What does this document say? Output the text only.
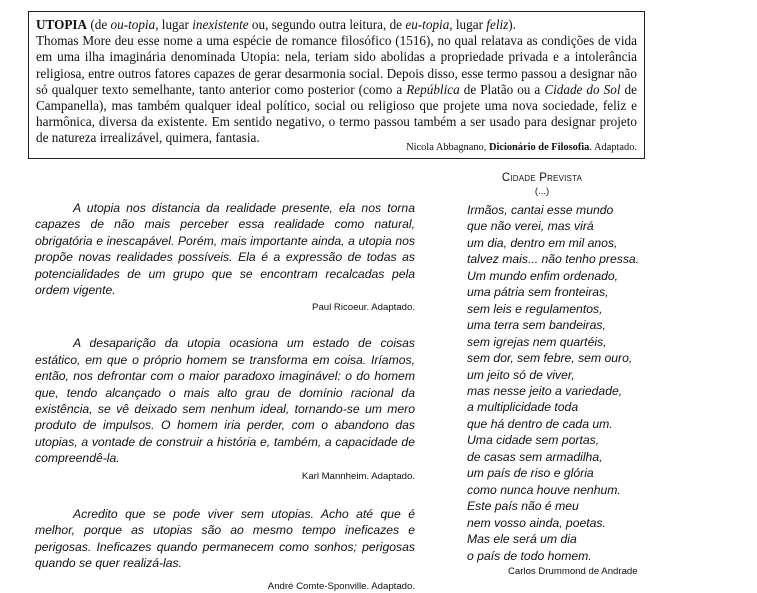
UTOPIA (de ou-topia, lugar inexistente ou, segundo outra leitura, de eu-topia, lugar feliz).

Thomas More deu esse nome a uma espécie de romance filosófico (1516), no qual relatava as condições de vida em uma ilha imaginária denominada Utopia: nela, teriam sido abolidas a propriedade privada e a intolerância religiosa, entre outros fatores capazes de gerar desarmonia social. Depois disso, esse termo passou a designar não só qualquer texto semelhante, tanto anterior como posterior (como a República de Platão ou a Cidade do Sol de Campanella), mas também qualquer ideal político, social ou religioso que projete uma nova sociedade, feliz e harmônica, diversa da existente. Em sentido negativo, o termo passou também a ser usado para designar projeto de natureza irrealizável, quimera, fantasia.

Nicola Abbagnano, Dicionário de Filosofia. Adaptado.

A utopia nos distancia da realidade presente, ela nos torna capazes de não mais perceber essa realidade como natural, obrigatória e inescapável. Porém, mais importante ainda, a utopia nos propõe novas realidades possíveis. Ela é a expressão de todas as potencialidades de um grupo que se encontram recalcadas pela ordem vigente.

Paul Ricoeur. Adaptado.

A desaparição da utopia ocasiona um estado de coisas estático, em que o próprio homem se transforma em coisa. Iríamos, então, nos defrontar com o maior paradoxo imaginável: o do homem que, tendo alcançado o mais alto grau de domínio racional da existência, se vê deixado sem nenhum ideal, tornando-se um mero produto de impulsos. O homem iria perder, com o abandono das utopias, a vontade de construir a história e, também, a capacidade de compreendê-la.

Karl Mannheim. Adaptado.

Acredito que se pode viver sem utopias. Acho até que é melhor, porque as utopias são ao mesmo tempo ineficazes e perigosas. Ineficazes quando permanecem como sonhos; perigosas quando se quer realizá-las.

André Comte-Sponville. Adaptado.

Cidade Prevista
(...)
Irmãos, cantai esse mundo
que não verei, mas virá
um dia, dentro em mil anos,
talvez mais... não tenho pressa.
Um mundo enfim ordenado,
uma pátria sem fronteiras,
sem leis e regulamentos,
uma terra sem bandeiras,
sem igrejas nem quartéis,
sem dor, sem febre, sem ouro,
um jeito só de viver,
mas nesse jeito a variedade,
a multiplicidade toda
que há dentro de cada um.
Uma cidade sem portas,
de casas sem armadilha,
um país de riso e glória
como nunca houve nenhum.
Este país não é meu
nem vosso ainda, poetas.
Mas ele será um dia
o país de todo homem.
Carlos Drummond de Andrade
